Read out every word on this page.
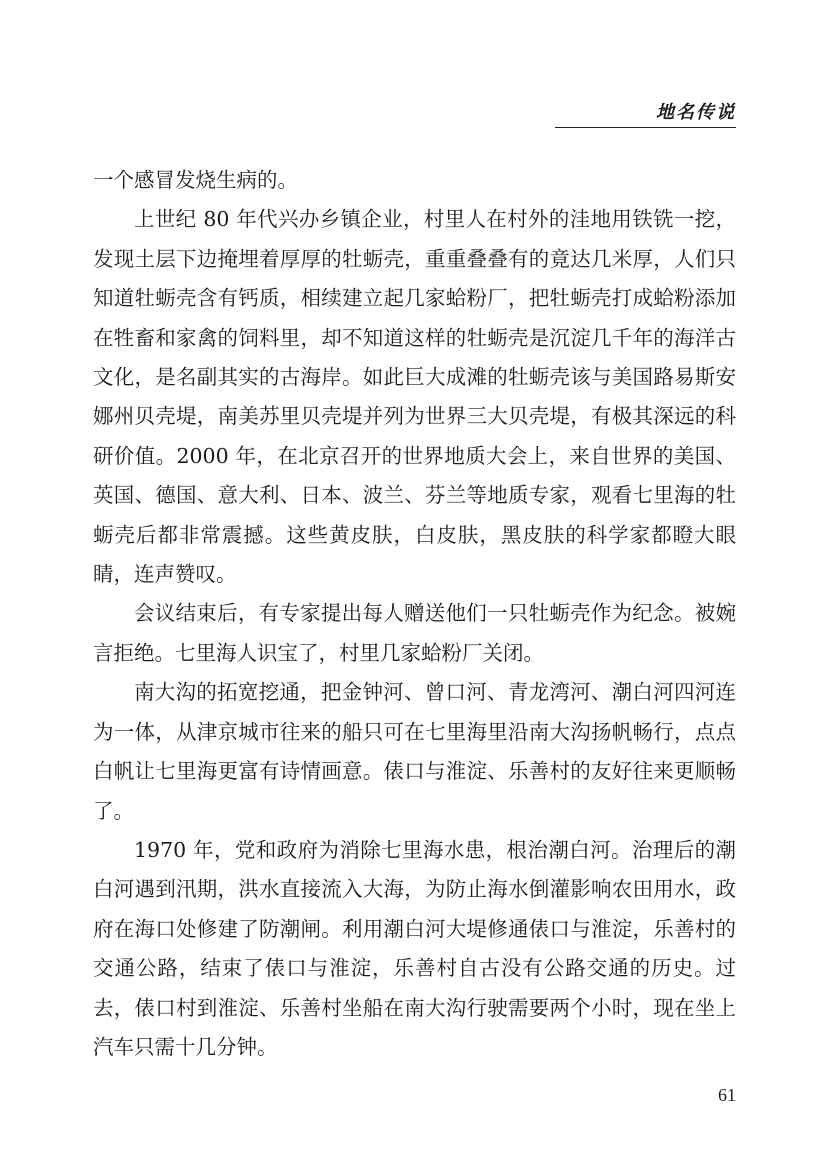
地名传说

一个感冒发烧生病的。

上世纪 80 年代兴办乡镇企业，村里人在村外的洼地用铁铣一挖，发现土层下边掩埋着厚厚的牡蛎壳，重重叠叠有的竟达几米厚，人们只知道牡蛎壳含有钙质，相续建立起几家蛤粉厂，把牡蛎壳打成蛤粉添加在牲畜和家禽的饲料里，却不知道这样的牡蛎壳是沉淀几千年的海洋古文化，是名副其实的古海岸。如此巨大成滩的牡蛎壳该与美国路易斯安娜州贝壳堤，南美苏里贝壳堤并列为世界三大贝壳堤，有极其深远的科研价值。2000 年，在北京召开的世界地质大会上，来自世界的美国、英国、德国、意大利、日本、波兰、芬兰等地质专家，观看七里海的牡蛎壳后都非常震撼。这些黄皮肤，白皮肤，黑皮肤的科学家都瞪大眼睛，连声赞叹。

会议结束后，有专家提出每人赠送他们一只牡蛎壳作为纪念。被婉言拒绝。七里海人识宝了，村里几家蛤粉厂关闭。

南大沟的拓宽挖通，把金钟河、曾口河、青龙湾河、潮白河四河连为一体，从津京城市往来的船只可在七里海里沿南大沟扬帆畅行，点点白帆让七里海更富有诗情画意。俵口与淮淀、乐善村的友好往来更顺畅了。

1970 年，党和政府为消除七里海水患，根治潮白河。治理后的潮白河遇到汛期，洪水直接流入大海，为防止海水倒灌影响农田用水，政府在海口处修建了防潮闸。利用潮白河大堤修通俵口与淮淀，乐善村的交通公路，结束了俵口与淮淀，乐善村自古没有公路交通的历史。过去，俵口村到淮淀、乐善村坐船在南大沟行驶需要两个小时，现在坐上汽车只需十几分钟。

61
